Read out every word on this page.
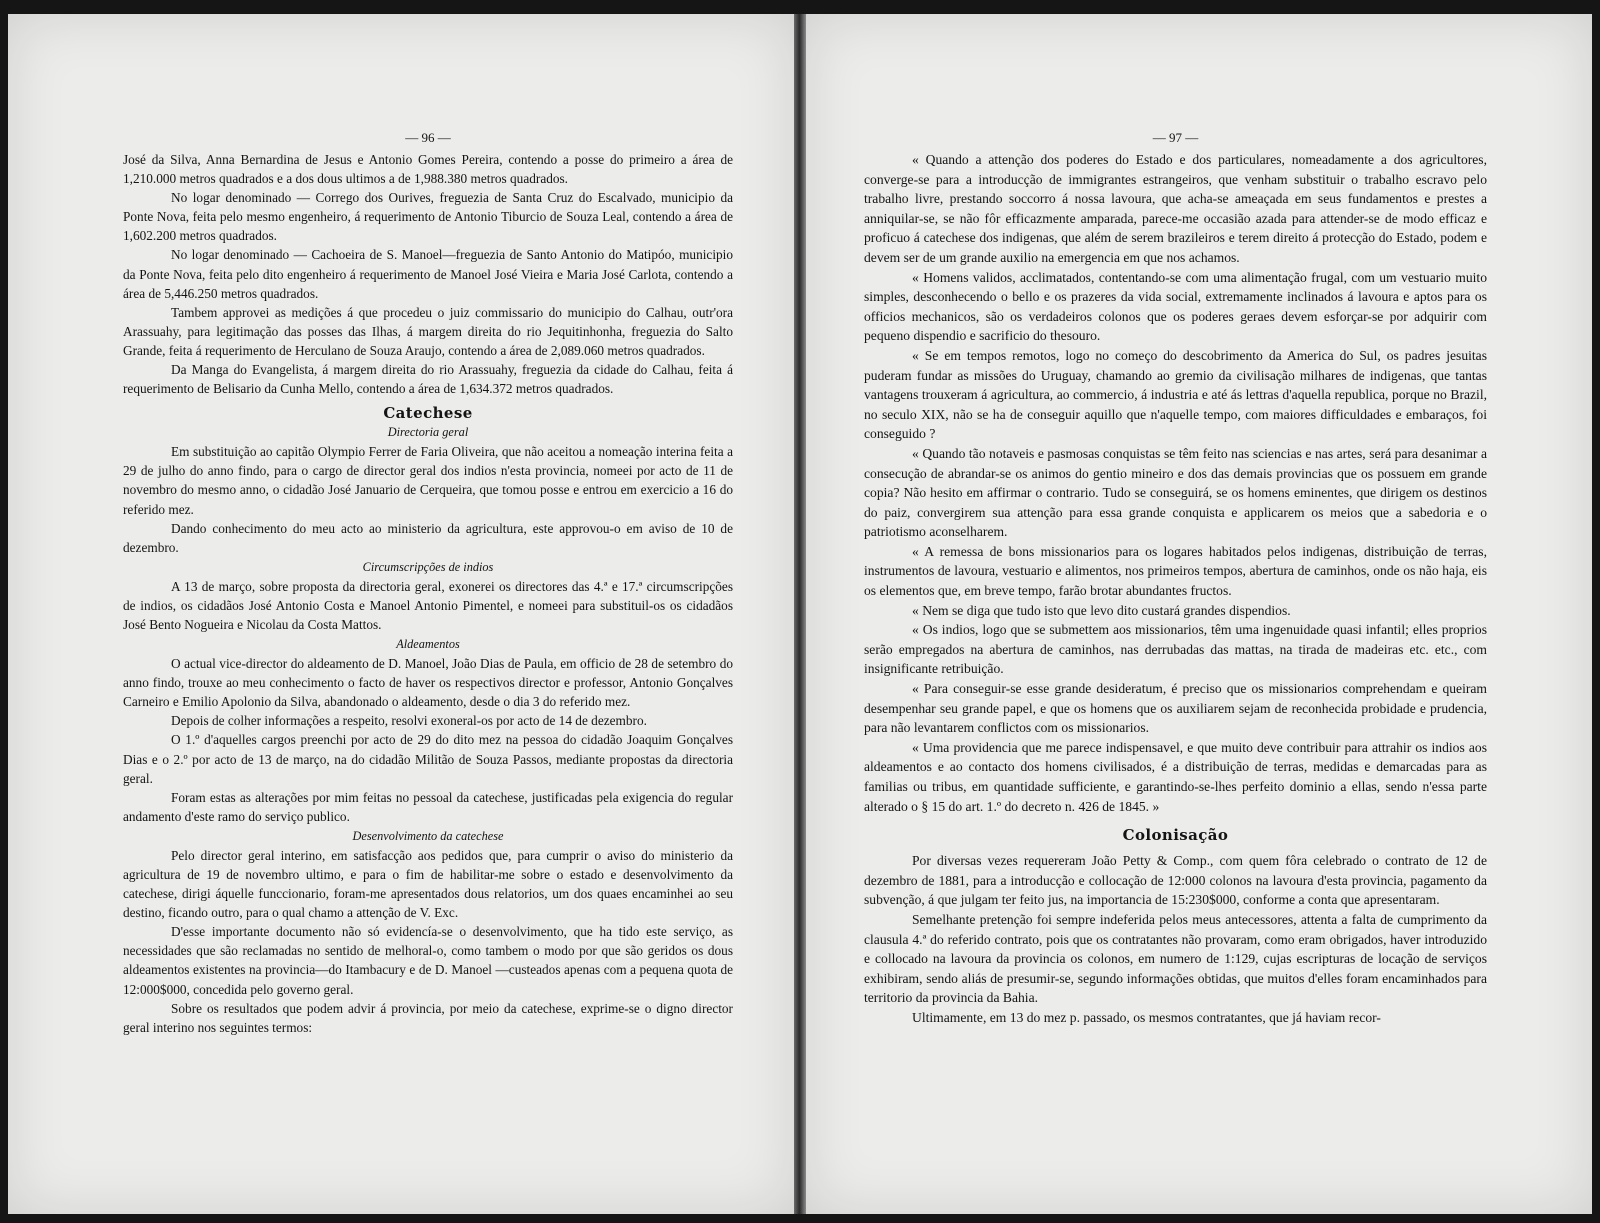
— 96 —

José da Silva, Anna Bernardina de Jesus e Antonio Gomes Pereira, contendo a posse do primeiro a área de 1,210.000 metros quadrados e a dos dous ultimos a de 1,988.380 metros quadrados.

No logar denominado — Corrego dos Ourives, freguezia de Santa Cruz do Escalvado, municipio da Ponte Nova, feita pelo mesmo engenheiro, á requerimento de Antonio Tiburcio de Souza Leal, contendo a área de 1,602.200 metros quadrados.

No logar denominado — Cachoeira de S. Manoel—freguezia de Santo Antonio do Matipóo, municipio da Ponte Nova, feita pelo dito engenheiro á requerimento de Manoel José Vieira e Maria José Carlota, contendo a área de 5,446.250 metros quadrados.

Tambem approvei as medições á que procedeu o juiz commissario do municipio do Calhau, outr'ora Arassuahy, para legitimação das posses das Ilhas, á margem direita do rio Jequitinhonha, freguezia do Salto Grande, feita á requerimento de Herculano de Souza Araujo, contendo a área de 2,089.060 metros quadrados.

Da Manga do Evangelista, á margem direita do rio Arassuahy, freguezia da cidade do Calhau, feita á requerimento de Belisario da Cunha Mello, contendo a área de 1,634.372 metros quadrados.

Catechese
Directoria geral

Em substituição ao capitão Olympio Ferrer de Faria Oliveira, que não aceitou a nomeação interina feita a 29 de julho do anno findo, para o cargo de director geral dos indios n'esta provincia, nomeei por acto de 11 de novembro do mesmo anno, o cidadão José Januario de Cerqueira, que tomou posse e entrou em exercicio a 16 do referido mez.

Dando conhecimento do meu acto ao ministerio da agricultura, este approvou-o em aviso de 10 de dezembro.

Circumscripções de indios

A 13 de março, sobre proposta da directoria geral, exonerei os directores das 4.ª e 17.ª circumscripções de indios, os cidadãos José Antonio Costa e Manoel Antonio Pimentel, e nomeei para substituil-os os cidadãos José Bento Nogueira e Nicolau da Costa Mattos.

Aldeamentos

O actual vice-director do aldeamento de D. Manoel, João Dias de Paula, em officio de 28 de setembro do anno findo, trouxe ao meu conhecimento o facto de haver os respectivos director e professor, Antonio Gonçalves Carneiro e Emilio Apolonio da Silva, abandonado o aldeamento, desde o dia 3 do referido mez.

Depois de colher informações a respeito, resolvi exoneral-os por acto de 14 de dezembro.

O 1.º d'aquelles cargos preenchi por acto de 29 do dito mez na pessoa do cidadão Joaquim Gonçalves Dias e o 2.º por acto de 13 de março, na do cidadão Militão de Souza Passos, mediante propostas da directoria geral.

Foram estas as alterações por mim feitas no pessoal da catechese, justificadas pela exigencia do regular andamento d'este ramo do serviço publico.

Desenvolvimento da catechese

Pelo director geral interino, em satisfacção aos pedidos que, para cumprir o aviso do ministerio da agricultura de 19 de novembro ultimo, e para o fim de habilitar-me sobre o estado e desenvolvimento da catechese, dirigi áquelle funccionario, foram-me apresentados dous relatorios, um dos quaes encaminhei ao seu destino, ficando outro, para o qual chamo a attenção de V. Exc.

D'esse importante documento não só evidencía-se o desenvolvimento, que ha tido este serviço, as necessidades que são reclamadas no sentido de melhoral-o, como tambem o modo por que são geridos os dous aldeamentos existentes na provincia—do Itambacury e de D. Manoel —custeados apenas com a pequena quota de 12:000$000, concedida pelo governo geral.

Sobre os resultados que podem advir á provincia, por meio da catechese, exprime-se o digno director geral interino nos seguintes termos:

— 97 —

« Quando a attenção dos poderes do Estado e dos particulares, nomeadamente a dos agricultores, converge-se para a introducção de immigrantes estrangeiros, que venham substituir o trabalho escravo pelo trabalho livre, prestando soccorro á nossa lavoura, que acha-se ameaçada em seus fundamentos e prestes a anniquilar-se, se não fôr efficazmente amparada, parece-me occasião azada para attender-se de modo efficaz e proficuo á catechese dos indigenas, que além de serem brazileiros e terem direito á protecção do Estado, podem e devem ser de um grande auxilio na emergencia em que nos achamos.

« Homens validos, acclimatados, contentando-se com uma alimentação frugal, com um vestuario muito simples, desconhecendo o bello e os prazeres da vida social, extremamente inclinados á lavoura e aptos para os officios mechanicos, são os verdadeiros colonos que os poderes geraes devem esforçar-se por adquirir com pequeno dispendio e sacrificio do thesouro.

« Se em tempos remotos, logo no começo do descobrimento da America do Sul, os padres jesuitas puderam fundar as missões do Uruguay, chamando ao gremio da civilisação milhares de indigenas, que tantas vantagens trouxeram á agricultura, ao commercio, á industria e até ás lettras d'aquella republica, porque no Brazil, no seculo XIX, não se ha de conseguir aquillo que n'aquelle tempo, com maiores difficuldades e embaraços, foi conseguido ?

« Quando tão notaveis e pasmosas conquistas se têm feito nas sciencias e nas artes, será para desanimar a consecução de abrandar-se os animos do gentio mineiro e dos das demais provincias que os possuem em grande copia? Não hesito em affirmar o contrario. Tudo se conseguirá, se os homens eminentes, que dirigem os destinos do paiz, convergirem sua attenção para essa grande conquista e applicarem os meios que a sabedoria e o patriotismo aconselharem.

« A remessa de bons missionarios para os logares habitados pelos indigenas, distribuição de terras, instrumentos de lavoura, vestuario e alimentos, nos primeiros tempos, abertura de caminhos, onde os não haja, eis os elementos que, em breve tempo, farão brotar abundantes fructos.

« Nem se diga que tudo isto que levo dito custará grandes dispendios.

« Os indios, logo que se submettem aos missionarios, têm uma ingenuidade quasi infantil; elles proprios serão empregados na abertura de caminhos, nas derrubadas das mattas, na tirada de madeiras etc. etc., com insignificante retribuição.

« Para conseguir-se esse grande desideratum, é preciso que os missionarios comprehendam e queiram desempenhar seu grande papel, e que os homens que os auxiliarem sejam de reconhecida probidade e prudencia, para não levantarem conflictos com os missionarios.

« Uma providencia que me parece indispensavel, e que muito deve contribuir para attrahir os indios aos aldeamentos e ao contacto dos homens civilisados, é a distribuição de terras, medidas e demarcadas para as familias ou tribus, em quantidade sufficiente, e garantindo-se-lhes perfeito dominio a ellas, sendo n'essa parte alterado o § 15 do art. 1.º do decreto n. 426 de 1845. »

Colonisação

Por diversas vezes requereram João Petty & Comp., com quem fôra celebrado o contrato de 12 de dezembro de 1881, para a introducção e collocação de 12:000 colonos na lavoura d'esta provincia, pagamento da subvenção, á que julgam ter feito jus, na importancia de 15:230$000, conforme a conta que apresentaram.

Semelhante pretenção foi sempre indeferida pelos meus antecessores, attenta a falta de cumprimento da clausula 4.ª do referido contrato, pois que os contratantes não provaram, como eram obrigados, haver introduzido e collocado na lavoura da provincia os colonos, em numero de 1:129, cujas escripturas de locação de serviços exhibiram, sendo aliás de presumir-se, segundo informações obtidas, que muitos d'elles foram encaminhados para territorio da provincia da Bahia.

Ultimamente, em 13 do mez p. passado, os mesmos contratantes, que já haviam recor-
